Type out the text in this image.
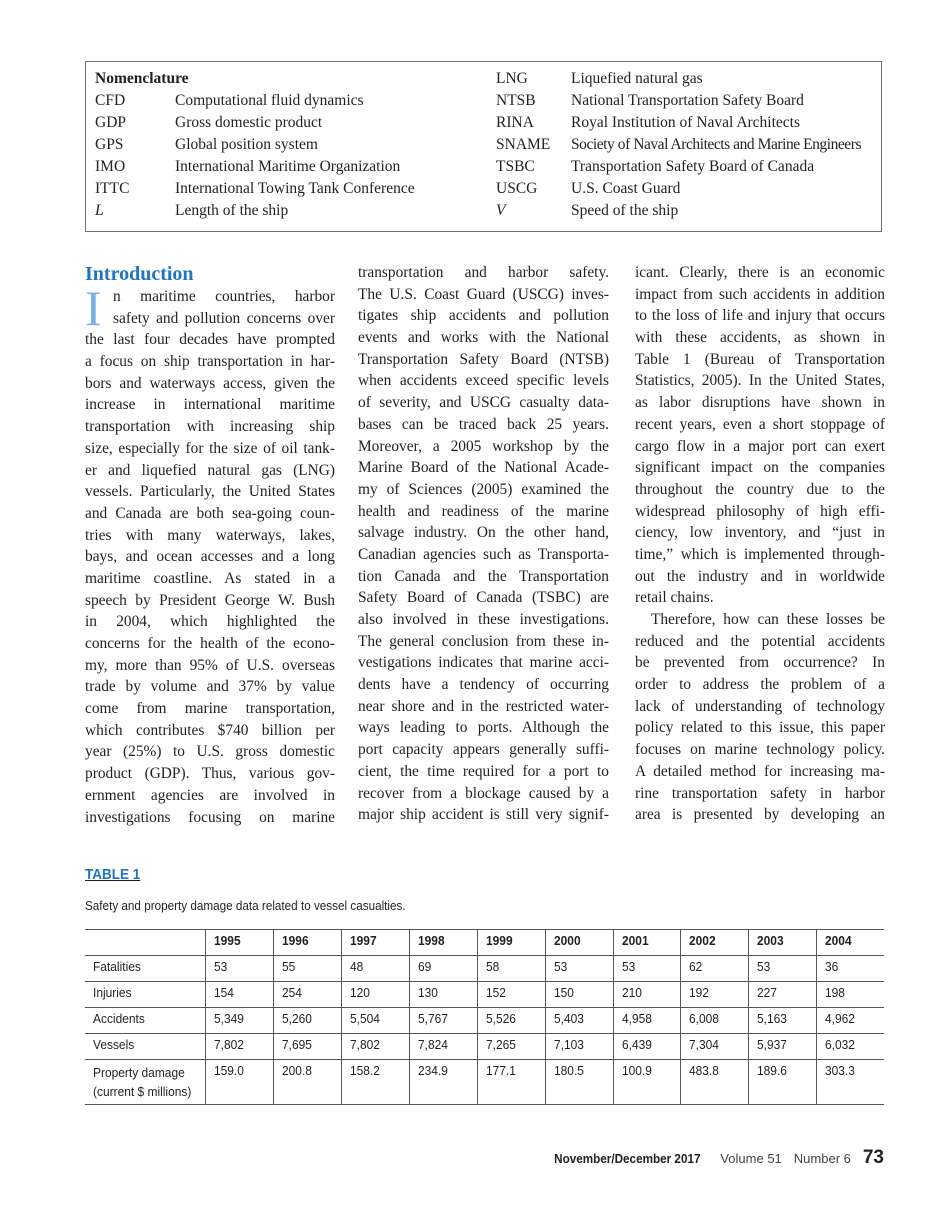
Nomenclature
CFD	Computational fluid dynamics
GDP	Gross domestic product
GPS	Global position system
IMO	International Maritime Organization
ITTC	International Towing Tank Conference
L	Length of the ship
LNG	Liquefied natural gas
NTSB National Transportation Safety Board
RINA Royal Institution of Naval Architects
SNAME Society of Naval Architects and Marine Engineers
TSBC Transportation Safety Board of Canada
USCG U.S. Coast Guard
V	Speed of the ship
Introduction
I n maritime countries, harbor
safety and pollution concerns over
the last four decades have prompted
a focus on ship transportation in har-
bors and waterways access, given the
increase in international maritime
transportation with increasing ship
size, especially for the size of oil tank-
er and liquefied natural gas (LNG)
vessels. Particularly, the United States
and Canada are both sea-going coun-
tries with many waterways, lakes,
bays, and ocean accesses and a long
maritime coastline. As stated in a
speech by President George W. Bush
in 2004, which highlighted the
concerns for the health of the econo-
my, more than 95% of U.S. overseas
trade by volume and 37% by value
come from marine transportation,
which contributes $740 billion per
year (25%) to U.S. gross domestic
product (GDP). Thus, various gov-
ernment agencies are involved in
investigations focusing on marine
transportation and harbor safety.
The U.S. Coast Guard (USCG) inves-
tigates ship accidents and pollution
events and works with the National
Transportation Safety Board (NTSB)
when accidents exceed specific levels
of severity, and USCG casualty data-
bases can be traced back 25 years.
Moreover, a 2005 workshop by the
Marine Board of the National Acade-
my of Sciences (2005) examined the
health and readiness of the marine
salvage industry. On the other hand,
Canadian agencies such as Transporta-
tion Canada and the Transportation
Safety Board of Canada (TSBC) are
also involved in these investigations.
The general conclusion from these in-
vestigations indicates that marine acci-
dents have a tendency of occurring
near shore and in the restricted water-
ways leading to ports. Although the
port capacity appears generally suffi-
cient, the time required for a port to
recover from a blockage caused by a
major ship accident is still very signif-
icant. Clearly, there is an economic
impact from such accidents in addition
to the loss of life and injury that occurs
with these accidents, as shown in
Table 1 (Bureau of Transportation
Statistics, 2005). In the United States,
as labor disruptions have shown in
recent years, even a short stoppage of
cargo flow in a major port can exert
significant impact on the companies
throughout the country due to the
widespread philosophy of high effi-
ciency, low inventory, and “just in
time,” which is implemented through-
out the industry and in worldwide
retail chains.
Therefore, how can these losses be
reduced and the potential accidents
be prevented from occurrence? In
order to address the problem of a
lack of understanding of technology
policy related to this issue, this paper
focuses on marine technology policy.
A detailed method for increasing ma-
rine transportation safety in harbor
area is presented by developing an
TABLE 1
Safety and property damage data related to vessel casualties.
	1995	1996	1997	1998	1999	2000	2001	2002	2003	2004
Fatalities	53	55	48	69	58	53	53	62	53	36
Injuries	154	254	120	130	152	150	210	192	227	198
Accidents	5,349	5,260	5,504	5,767	5,526	5,403	4,958	6,008	5,163	4,962
Vessels	7,802	7,695	7,802	7,824	7,265	7,103	6,439	7,304	5,937	6,032
Property damage (current $ millions)	159.0	200.8	158.2	234.9	177.1	180.5	100.9	483.8	189.6	303.3
November/December 2017 Volume 51 Number 6 73
